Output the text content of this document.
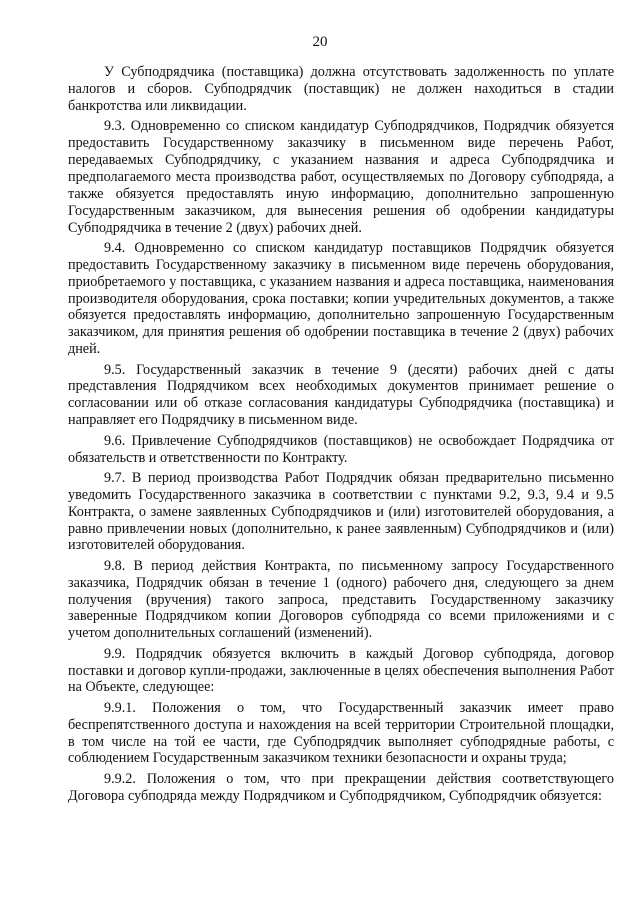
20

У Субподрядчика (поставщика) должна отсутствовать задолженность по уплате налогов и сборов. Субподрядчик (поставщик) не должен находиться в стадии банкротства или ликвидации.

9.3. Одновременно со списком кандидатур Субподрядчиков, Подрядчик обязуется предоставить Государственному заказчику в письменном виде перечень Работ, передаваемых Субподрядчику, с указанием названия и адреса Субподрядчика и предполагаемого места производства работ, осуществляемых по Договору субподряда, а также обязуется предоставлять иную информацию, дополнительно запрошенную Государственным заказчиком, для вынесения решения об одобрении кандидатуры Субподрядчика в течение 2 (двух) рабочих дней.

9.4. Одновременно со списком кандидатур поставщиков Подрядчик обязуется предоставить Государственному заказчику в письменном виде перечень оборудования, приобретаемого у поставщика, с указанием названия и адреса поставщика, наименования производителя оборудования, срока поставки; копии учредительных документов, а также обязуется предоставлять информацию, дополнительно запрошенную Государственным заказчиком, для принятия решения об одобрении поставщика в течение 2 (двух) рабочих дней.

9.5. Государственный заказчик в течение 9 (десяти) рабочих дней с даты представления Подрядчиком всех необходимых документов принимает решение о согласовании или об отказе согласования кандидатуры Субподрядчика (поставщика) и направляет его Подрядчику в письменном виде.

9.6. Привлечение Субподрядчиков (поставщиков) не освобождает Подрядчика от обязательств и ответственности по Контракту.

9.7. В период производства Работ Подрядчик обязан предварительно письменно уведомить Государственного заказчика в соответствии с пунктами 9.2, 9.3, 9.4 и 9.5 Контракта, о замене заявленных Субподрядчиков и (или) изготовителей оборудования, а равно привлечении новых (дополнительно, к ранее заявленным) Субподрядчиков и (или) изготовителей оборудования.

9.8. В период действия Контракта, по письменному запросу Государственного заказчика, Подрядчик обязан в течение 1 (одного) рабочего дня, следующего за днем получения (вручения) такого запроса, представить Государственному заказчику заверенные Подрядчиком копии Договоров субподряда со всеми приложениями и с учетом дополнительных соглашений (изменений).

9.9. Подрядчик обязуется включить в каждый Договор субподряда, договор поставки и договор купли-продажи, заключенные в целях обеспечения выполнения Работ на Объекте, следующее:

9.9.1. Положения о том, что Государственный заказчик имеет право беспрепятственного доступа и нахождения на всей территории Строительной площадки, в том числе на той ее части, где Субподрядчик выполняет субподрядные работы, с соблюдением Государственным заказчиком техники безопасности и охраны труда;

9.9.2. Положения о том, что при прекращении действия соответствующего Договора субподряда между Подрядчиком и Субподрядчиком, Субподрядчик обязуется:
